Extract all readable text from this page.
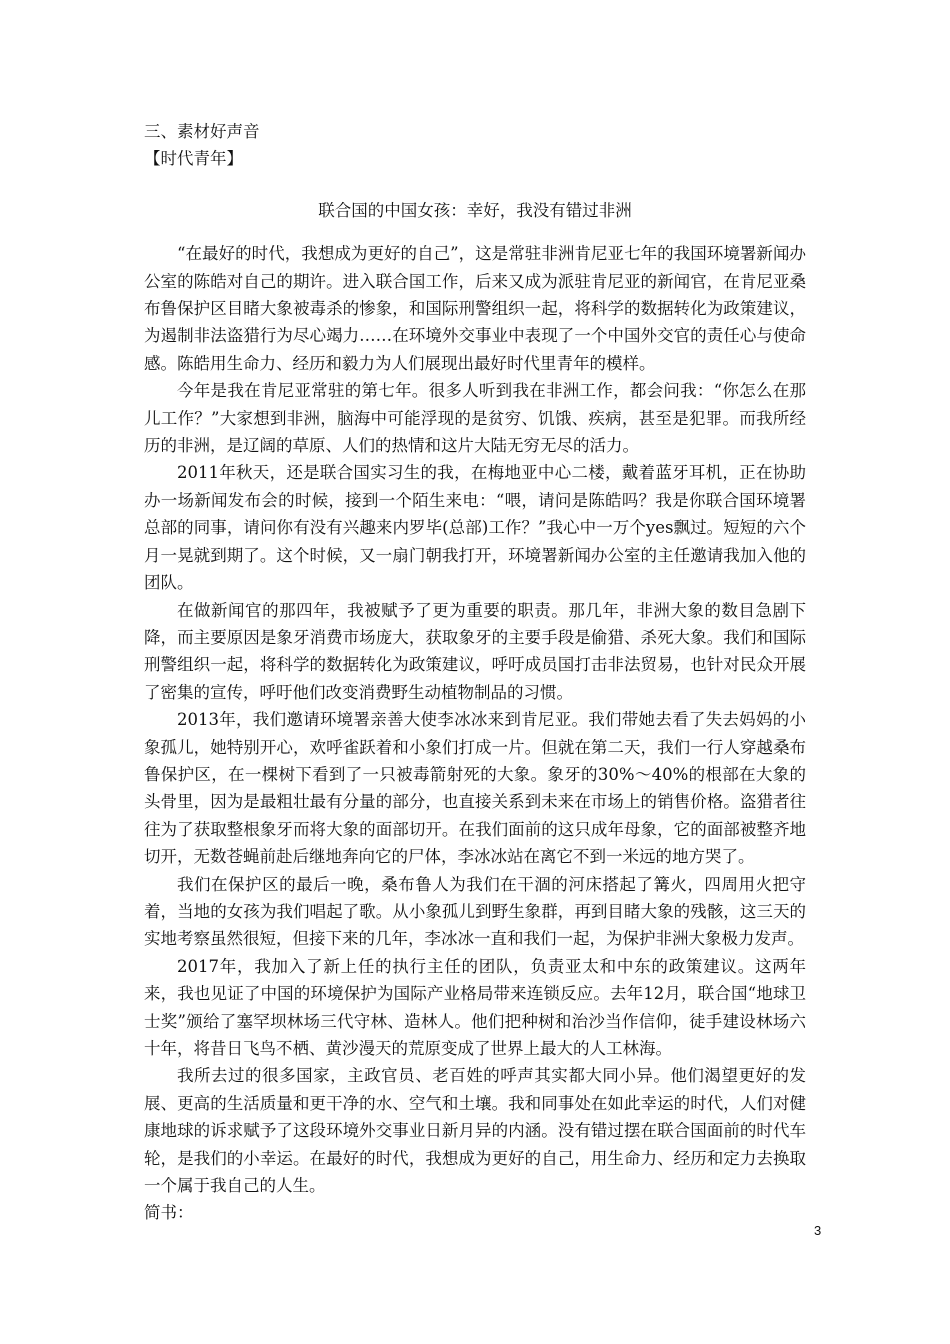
三、素材好声音

【时代青年】

联合国的中国女孩：幸好，我没有错过非洲

“在最好的时代，我想成为更好的自己”，这是常驻非洲肯尼亚七年的我国环境署新闻办公室的陈皓对自己的期许。进入联合国工作，后来又成为派驻肯尼亚的新闻官，在肯尼亚桑布鲁保护区目睹大象被毒杀的惨象，和国际刑警组织一起，将科学的数据转化为政策建议，为遏制非法盗猎行为尽心竭力……在环境外交事业中表现了一个中国外交官的责任心与使命感。陈皓用生命力、经历和毅力为人们展现出最好时代里青年的模样。

今年是我在肯尼亚常驻的第七年。很多人听到我在非洲工作，都会问我：“你怎么在那儿工作？”大家想到非洲，脑海中可能浮现的是贫穷、饥饿、疾病，甚至是犯罪。而我所经历的非洲，是辽阔的草原、人们的热情和这片大陆无穷无尽的活力。

2011年秋天，还是联合国实习生的我，在梅地亚中心二楼，戴着蓝牙耳机，正在协助办一场新闻发布会的时候，接到一个陌生来电：“喂，请问是陈皓吗？我是你联合国环境署总部的同事，请问你有没有兴趣来内罗毕(总部)工作？”我心中一万个yes飘过。短短的六个月一晃就到期了。这个时候，又一扇门朝我打开，环境署新闻办公室的主任邀请我加入他的团队。

在做新闻官的那四年，我被赋予了更为重要的职责。那几年，非洲大象的数目急剧下降，而主要原因是象牙消费市场庞大，获取象牙的主要手段是偷猎、杀死大象。我们和国际刑警组织一起，将科学的数据转化为政策建议，呼吁成员国打击非法贸易，也针对民众开展了密集的宣传，呼吁他们改变消费野生动植物制品的习惯。

2013年，我们邀请环境署亲善大使李冰冰来到肯尼亚。我们带她去看了失去妈妈的小象孤儿，她特别开心，欢呼雀跃着和小象们打成一片。但就在第二天，我们一行人穿越桑布鲁保护区，在一棵树下看到了一只被毒箭射死的大象。象牙的30%～40%的根部在大象的头骨里，因为是最粗壮最有分量的部分，也直接关系到未来在市场上的销售价格。盗猎者往往为了获取整根象牙而将大象的面部切开。在我们面前的这只成年母象，它的面部被整齐地切开，无数苍蝇前赴后继地奔向它的尸体，李冰冰站在离它不到一米远的地方哭了。

我们在保护区的最后一晚，桑布鲁人为我们在干涸的河床搭起了篝火，四周用火把守着，当地的女孩为我们唱起了歌。从小象孤儿到野生象群，再到目睹大象的残骸，这三天的实地考察虽然很短，但接下来的几年，李冰冰一直和我们一起，为保护非洲大象极力发声。

2017年，我加入了新上任的执行主任的团队，负责亚太和中东的政策建议。这两年来，我也见证了中国的环境保护为国际产业格局带来连锁反应。去年12月，联合国“地球卫士奖”颁给了塞罕坝林场三代守林、造林人。他们把种树和治沙当作信仰，徒手建设林场六十年，将昔日飞鸟不栖、黄沙漫天的荒原变成了世界上最大的人工林海。

我所去过的很多国家，主政官员、老百姓的呼声其实都大同小异。他们渴望更好的发展、更高的生活质量和更干净的水、空气和土壤。我和同事处在如此幸运的时代，人们对健康地球的诉求赋予了这段环境外交事业日新月异的内涵。没有错过摆在联合国面前的时代车轮，是我们的小幸运。在最好的时代，我想成为更好的自己，用生命力、经历和定力去换取一个属于我自己的人生。

简书：

3
